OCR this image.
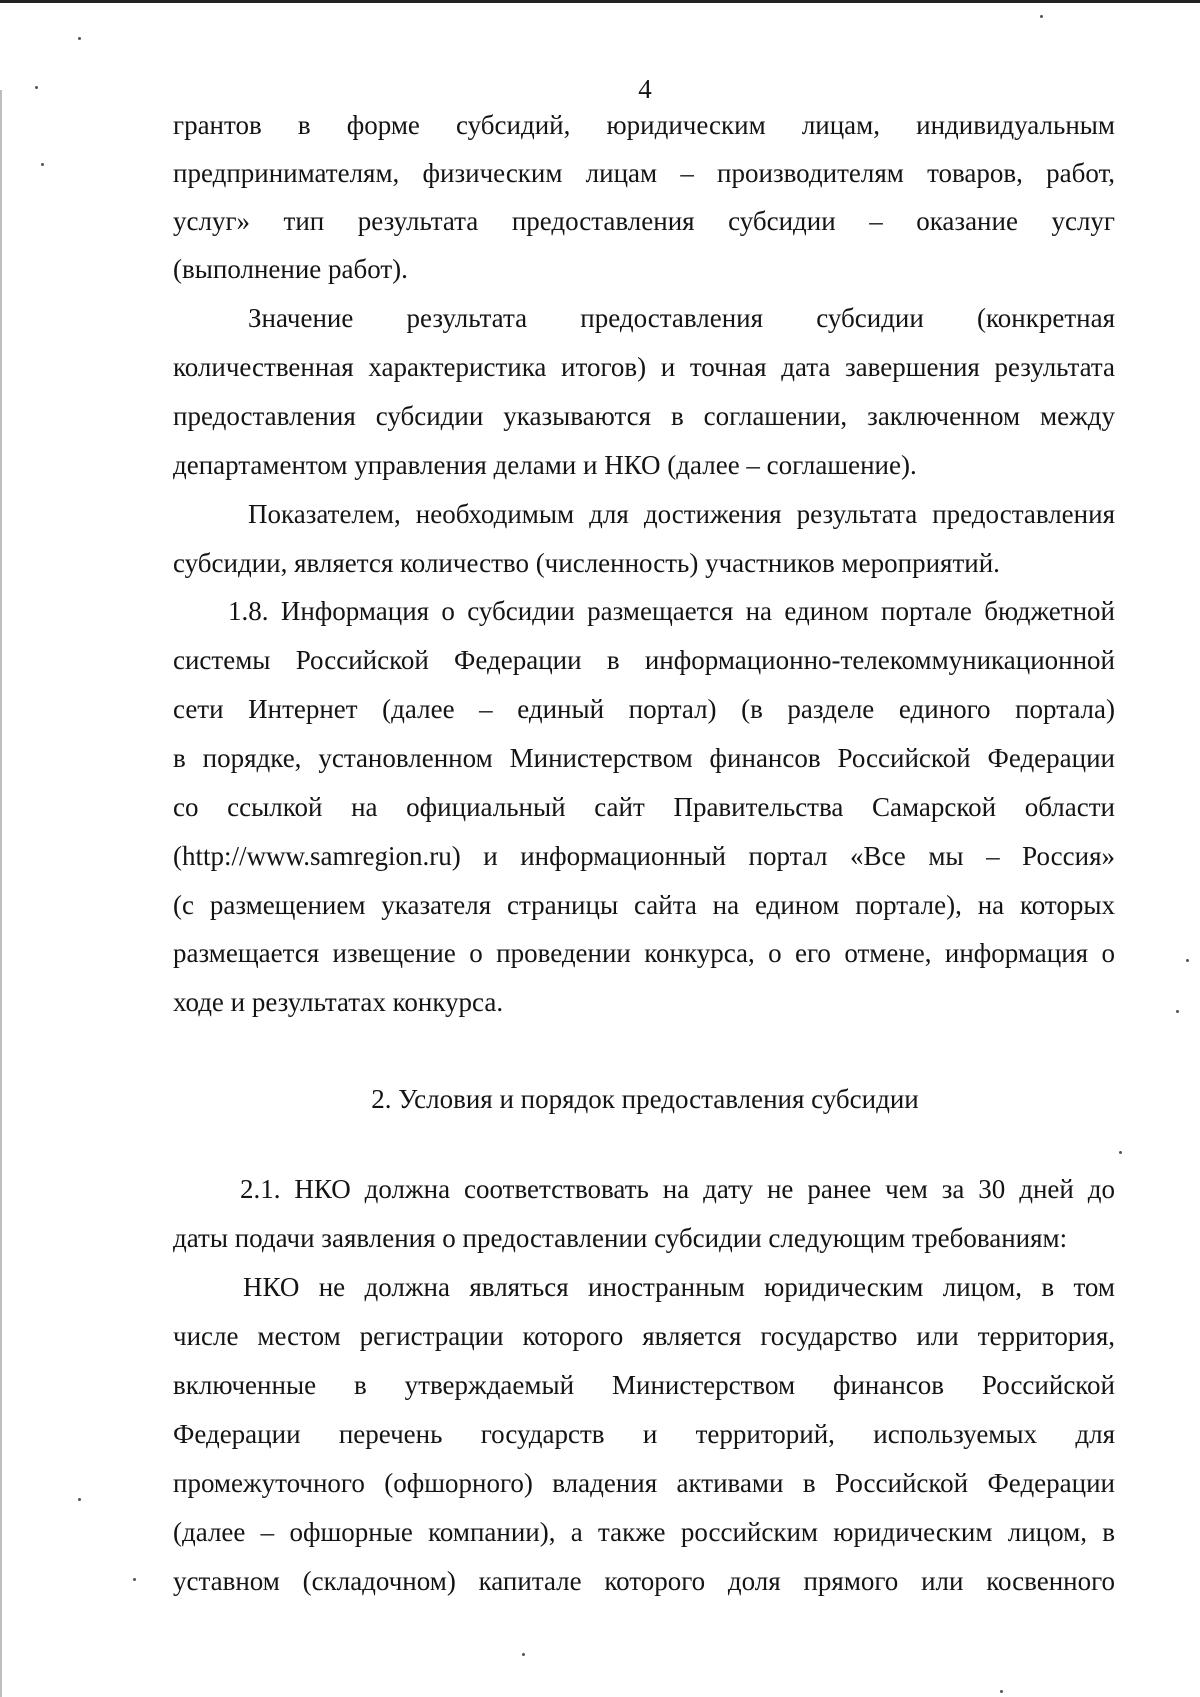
4
грантов в форме субсидий, юридическим лицам, индивидуальным
предпринимателям, физическим лицам – производителям товаров, работ,
услуг» тип результата предоставления субсидии – оказание услуг
(выполнение работ).
Значение результата предоставления субсидии (конкретная
количественная характеристика итогов) и точная дата завершения результата
предоставления субсидии указываются в соглашении, заключенном между
департаментом управления делами и НКО (далее – соглашение).
Показателем, необходимым для достижения результата предоставления
субсидии, является количество (численность) участников мероприятий.
1.8. Информация о субсидии размещается на едином портале бюджетной
системы Российской Федерации в информационно-телекоммуникационной
сети Интернет (далее – единый портал) (в разделе единого портала)
в порядке, установленном Министерством финансов Российской Федерации
со ссылкой на официальный сайт Правительства Самарской области
(http://www.samregion.ru) и информационный портал «Все мы – Россия»
(с размещением указателя страницы сайта на едином портале), на которых
размещается извещение о проведении конкурса, о его отмене, информация о
ходе и результатах конкурса.
2. Условия и порядок предоставления субсидии
2.1. НКО должна соответствовать на дату не ранее чем за 30 дней до
даты подачи заявления о предоставлении субсидии следующим требованиям:
НКО не должна являться иностранным юридическим лицом, в том
числе местом регистрации которого является государство или территория,
включенные в утверждаемый Министерством финансов Российской
Федерации перечень государств и территорий, используемых для
промежуточного (офшорного) владения активами в Российской Федерации
(далее – офшорные компании), а также российским юридическим лицом, в
уставном (складочном) капитале которого доля прямого или косвенного
